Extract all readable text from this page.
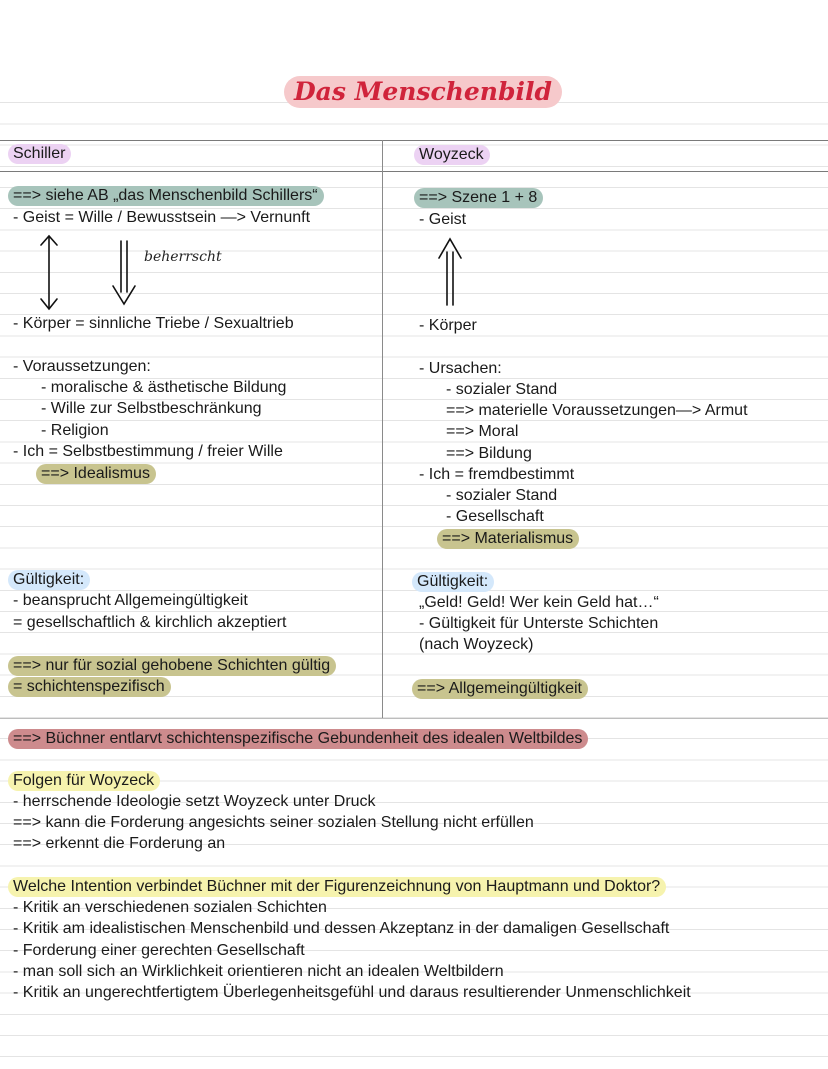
Das Menschenbild
Schiller
==> siehe AB „das Menschenbild Schillers“
- Geist = Wille / Bewusstsein —> Vernunft
beherrscht
- Körper = sinnliche Triebe / Sexualtrieb
- Voraussetzungen:
- moralische & ästhetische Bildung
- Wille zur Selbstbeschränkung
- Religion
- Ich = Selbstbestimmung / freier Wille
==> Idealismus
Gültigkeit:
- beansprucht Allgemeingültigkeit
= gesellschaftlich & kirchlich akzeptiert
==> nur für sozial gehobene Schichten gültig
= schichtenspezifisch
Woyzeck
==> Szene 1 + 8
- Geist
- Körper
- Ursachen:
- sozialer Stand
==> materielle Voraussetzungen—> Armut
==> Moral
==> Bildung
- Ich = fremdbestimmt
- sozialer Stand
- Gesellschaft
==> Materialismus
Gültigkeit:
„Geld! Geld! Wer kein Geld hat…“
- Gültigkeit für Unterste Schichten
(nach Woyzeck)
==> Allgemeingültigkeit
==> Büchner entlarvt schichtenspezifische Gebundenheit des idealen Weltbildes
Folgen für Woyzeck
- herrschende Ideologie setzt Woyzeck unter Druck
==> kann die Forderung angesichts seiner sozialen Stellung nicht erfüllen
==> erkennt die Forderung an
Welche Intention verbindet Büchner mit der Figurenzeichnung von Hauptmann und Doktor?
- Kritik an verschiedenen sozialen Schichten
- Kritik am idealistischen Menschenbild und dessen Akzeptanz in der damaligen Gesellschaft
- Forderung einer gerechten Gesellschaft
- man soll sich an Wirklichkeit orientieren nicht an idealen Weltbildern
- Kritik an ungerechtfertigtem Überlegenheitsgefühl und daraus resultierender Unmenschlichkeit
